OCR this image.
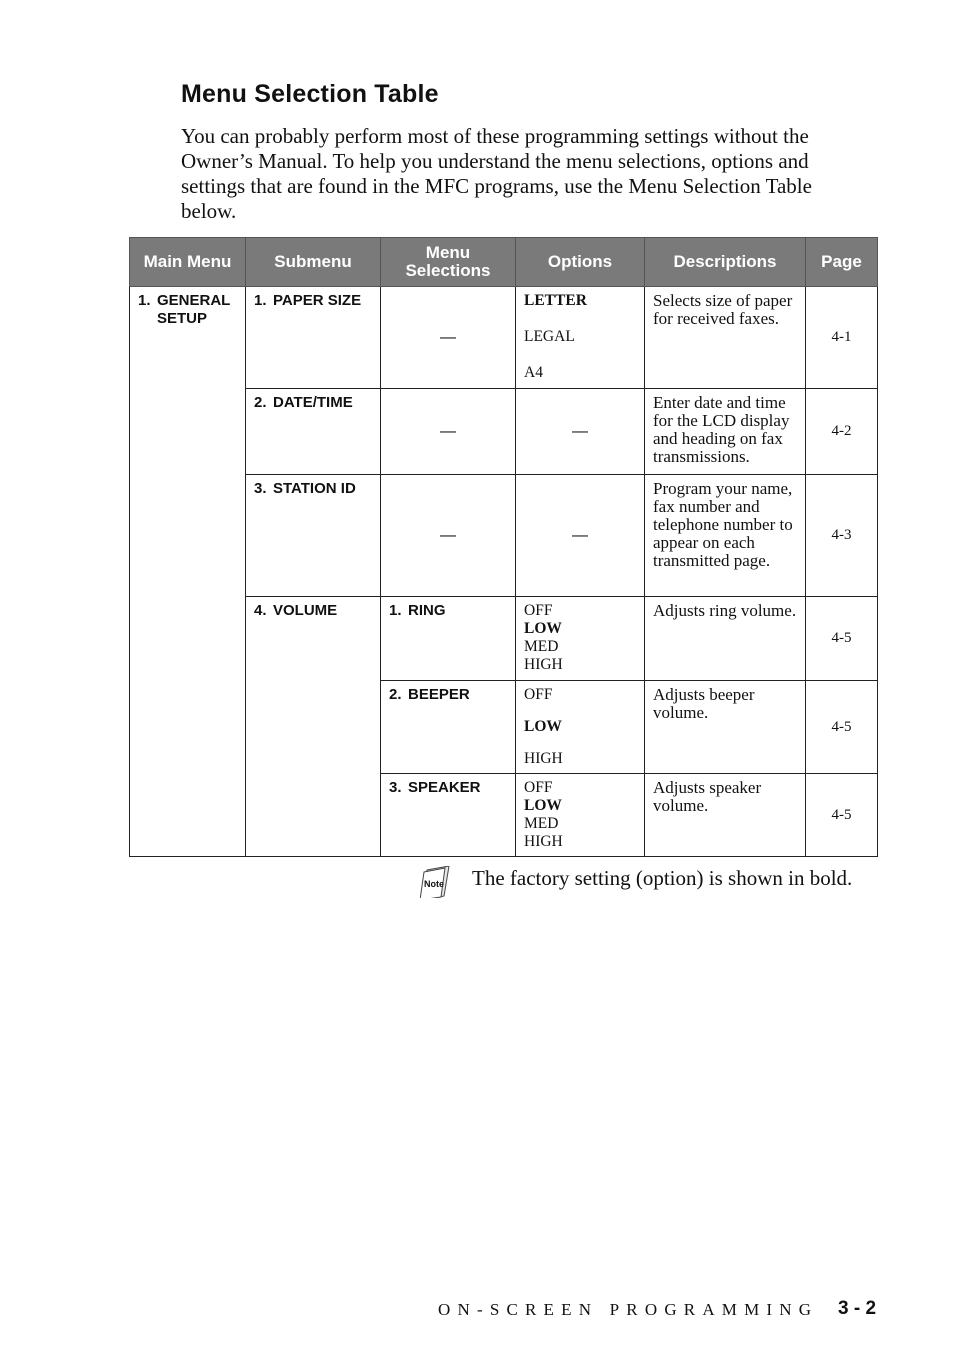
Menu Selection Table

You can probably perform most of these programming settings without the Owner’s Manual. To help you understand the menu selections, options and settings that are found in the MFC programs, use the Menu Selection Table below.

Main Menu	Submenu	Menu
Selections	Options	Descriptions	Page
1. GENERAL
SETUP	1. PAPER SIZE	—	LETTER
LEGAL
A4	Selects size of paper for received faxes.	4-1
	2. DATE/TIME	—	—	Enter date and time for the LCD display and heading on fax transmissions.	4-2
	3. STATION ID	—	—	Program your name, fax number and telephone number to appear on each transmitted page.	4-3
	4. VOLUME	1. RING	OFF
LOW
MED
HIGH	Adjusts ring volume.	4-5
		2. BEEPER	OFF
LOW
HIGH	Adjusts beeper volume.	4-5
		3. SPEAKER	OFF
LOW
MED
HIGH	Adjusts speaker volume.	4-5
Note The factory setting (option) is shown in bold.
ON-SCREEN PROGRAMMING 3 - 2
